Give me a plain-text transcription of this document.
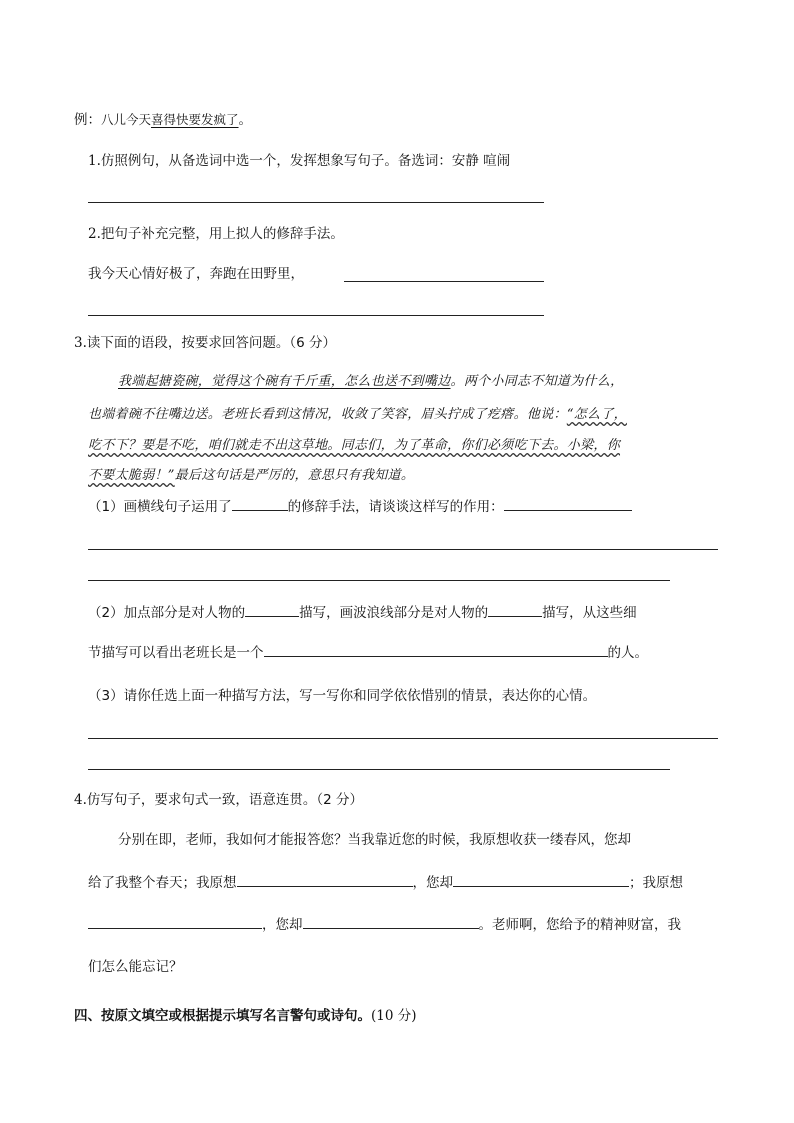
例：八儿今天喜得快要发疯了。
1.仿照例句，从备选词中选一个，发挥想象写句子。备选词：安静 喧闹
2.把句子补充完整，用上拟人的修辞手法。
我今天心情好极了，奔跑在田野里，
3.读下面的语段，按要求回答问题。（6 分）
我端起搪瓷碗，觉得这个碗有千斤重，怎么也送不到嘴边。两个小同志不知道为什么，
也端着碗不往嘴边送。老班长看到这情况，收敛了笑容，眉头拧成了疙瘩。他说：“怎么了，
吃不下？要是不吃，咱们就走不出这草地。同志们，为了革命，你们必须吃下去。小梁，你
不要太脆弱！”最后这句话是严厉的，意思只有我知道。
（1）画横线句子运用了	的修辞手法，请谈谈这样写的作用：
（2）加点部分是对人物的	描写，画波浪线部分是对人物的	描写，从这些细
节描写可以看出老班长是一个	的人。
（3）请你任选上面一种描写方法，写一写你和同学依依惜别的情景，表达你的心情。
4.仿写句子，要求句式一致，语意连贯。（2 分）
分别在即，老师，我如何才能报答您？当我靠近您的时候，我原想收获一缕春风，您却
给了我整个春天；我原想	，您却	；我原想
，您却	。老师啊，您给予的精神财富，我
们怎么能忘记？
四、按原文填空或根据提示填写名言警句或诗句。(10 分)
